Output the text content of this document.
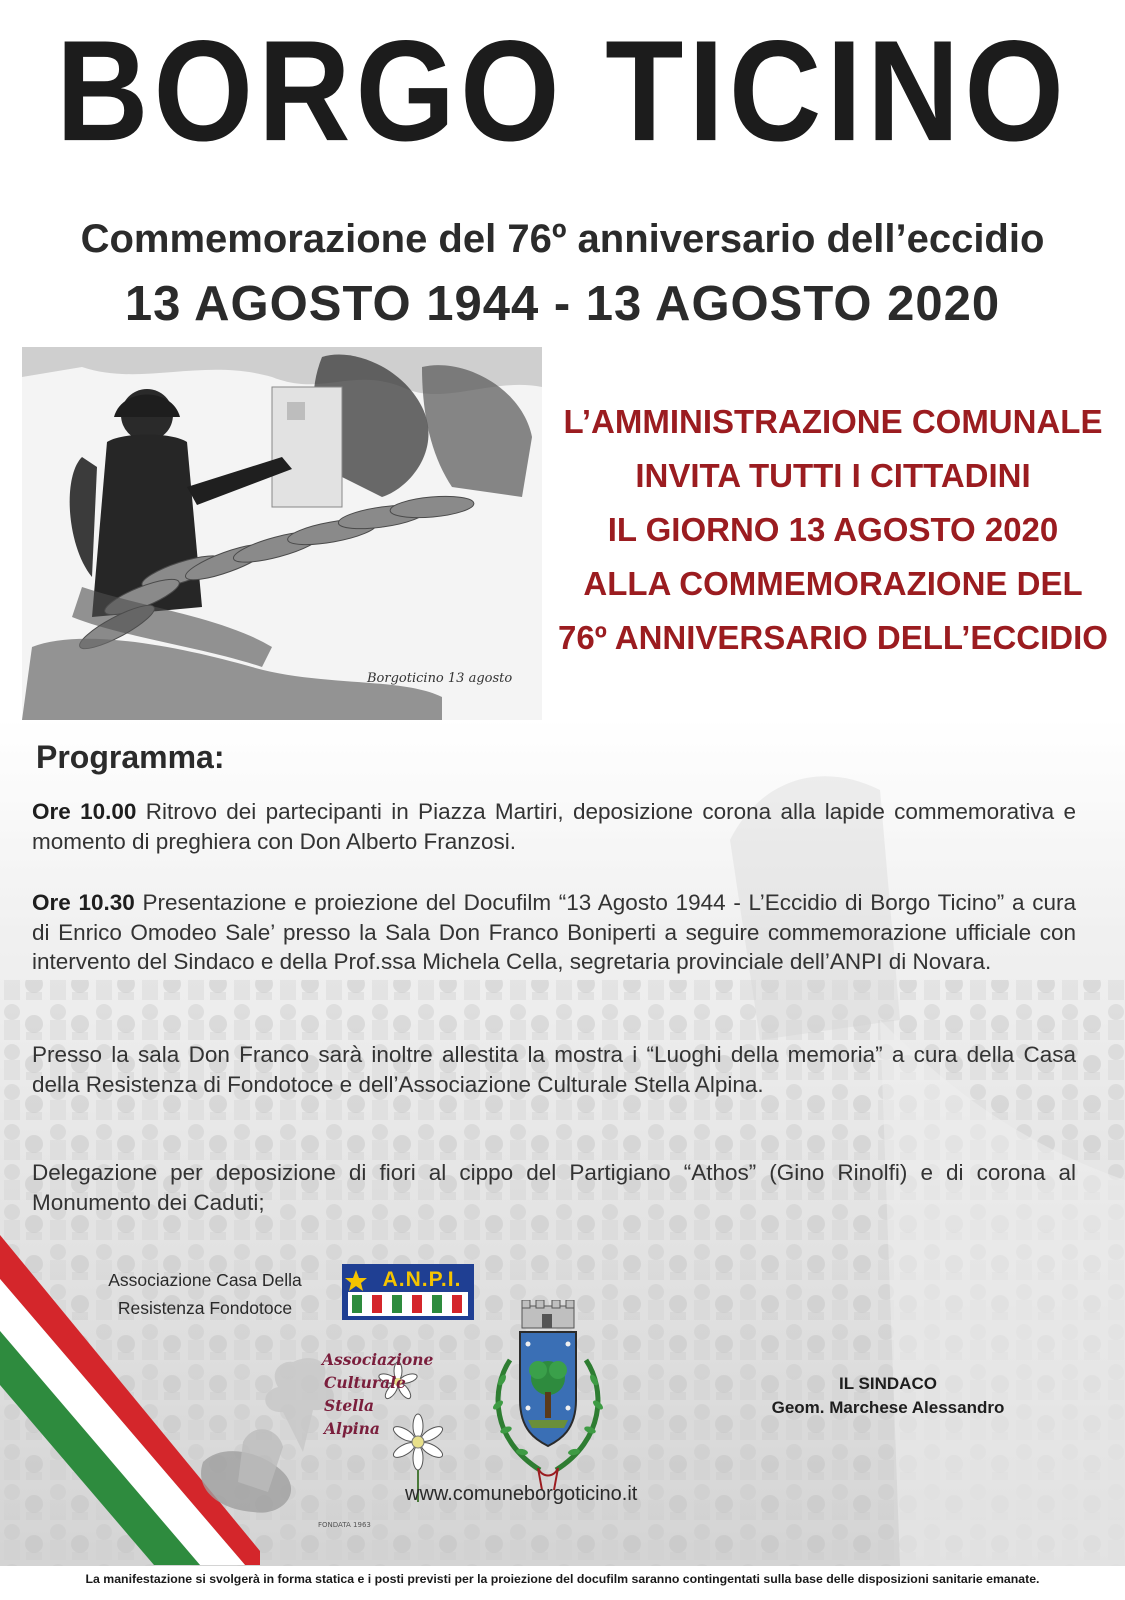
BORGO TICINO
Commemorazione del 76º anniversario dell’eccidio
13 AGOSTO 1944 - 13 AGOSTO 2020
Borgoticino 13 agosto
L’AMMINISTRAZIONE COMUNALE
INVITA TUTTI I CITTADINI
IL GIORNO 13 AGOSTO 2020
ALLA COMMEMORAZIONE DEL
76º ANNIVERSARIO DELL’ECCIDIO
Programma:
Ore 10.00 Ritrovo dei partecipanti in Piazza Martiri, deposizione corona alla lapide commemorativa e momento di preghiera con Don Alberto Franzosi.
Ore 10.30 Presentazione e proiezione del Docufilm “13 Agosto 1944 - L’Eccidio di Borgo Ticino” a cura di Enrico Omodeo Sale’ presso la Sala Don Franco Boniperti a seguire commemorazione ufficiale con intervento del Sindaco e della Prof.ssa Michela Cella, segretaria provinciale dell’ANPI di Novara.
Presso la sala Don Franco sarà inoltre allestita la mostra i “Luoghi della memoria” a cura della Casa della Resistenza di Fondotoce e dell’Associazione Culturale Stella Alpina.
Delegazione per deposizione di fiori al cippo del Partigiano “Athos” (Gino Rinolfi) e di corona al Monumento dei Caduti;
Associazione Casa Della
Resistenza Fondotoce
A.N.P.I.
FONDATA 1963
Associazione
Culturale
Stella
Alpina
IL SINDACO
Geom. Marchese Alessandro
www.comuneborgoticino.it
La manifestazione si svolgerà in forma statica e i posti previsti per la proiezione del docufilm saranno contingentati sulla base delle disposizioni sanitarie emanate.
